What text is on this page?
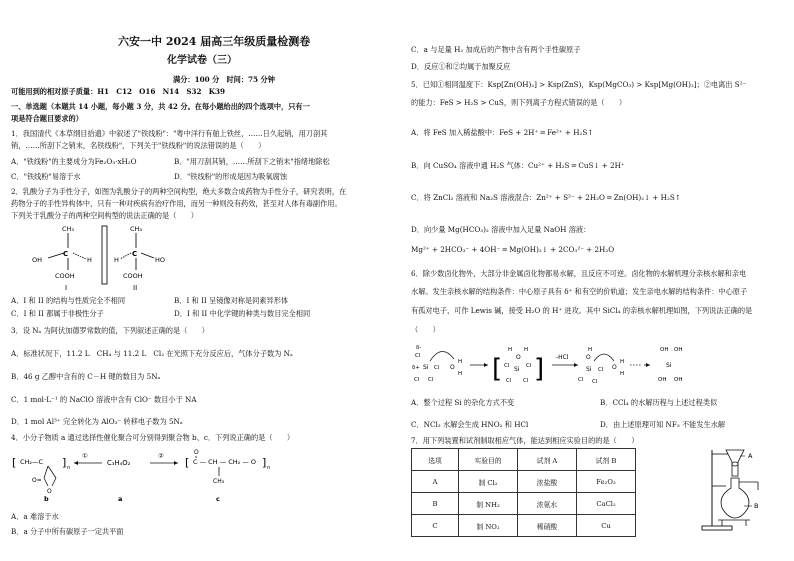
六安一中 2024 届高三年级质量检测卷
化学试卷（三）
满分：100 分　时间：75 分钟
可能用到的相对原子质量：H1　C12　O16　N14　S32　K39
一、单选题（本题共 14 小题，每小题 3 分，共 42 分。在每小题给出的四个选项中，只有一
项是符合题目要求的）
1．我国清代《本草纲目拾遗》中叙述了"铁线粉"："粤中洋行有舶上铁丝，……日久起销，用刀剖其
销，……所刮下之销末，名铁线粉"，下列关于"铁线粉"的说法错误的是（　　）
A．"铁线粉"的主要成分为Fe₂O₃·xH₂O	B．"用刀刮其销，……所刮下之销末"指绪地除松
C．"铁线粉"易溶于水	D．"铁线粉"的形成是因为吸氧腐蚀
2．乳酸分子为手性分子，如图为乳酸分子的两种空间构型，绝大多数合成药物为手性分子，研究表明，在
药物分子的手性异构体中，只有一种对疾病有治疗作用，而另一种则没有药效，甚至对人体有毒副作用。
下列关于乳酸分子的两种空间构型的说法正确的是（　　）
CH₃
C
OH	H
COOH
I
CH₃
C
H	HO
COOH
II
A．I 和 II 的结构与性质完全不相同	B．I 和 II 呈镜像对称是同素异形体
C．I 和 II 都属于非极性分子	D．I 和 II 中化学键的种类与数目完全相同
3．设 Nₐ 为阿伏加德罗常数的值，下列叙述正确的是（　　）
A．标准状况下，11.2 L　CH₄ 与 11.2 L　Cl₂ 在光照下充分反应后，气体分子数为 Nₐ
B．46 g 乙醇中含有的 C－H 键的数目为 5Nₐ
C．1 mol·L⁻¹ 的 NaClO 溶液中含有 ClO⁻ 数目小于 NA
D．1 mol Al³⁺ 完全转化为 AlO₂⁻ 转移电子数为 5Nₐ
4．小分子物质 a 通过选择性催化聚合可分别得到聚合物 b、c．下列说正确的是（　　）
[ CH₂—C ] n
O=
O
b
①
C₃H₄O₂
a
② [ C — CH — CH₂ — O ] n
O
CH₃
c
A．a 难溶于水
B．a 分子中所有碳原子一定共平面
C．a 与足量 H₂ 加成后的产物中含有两个手性碳原子
D．反应①和②均属于加聚反应
5．已知①相同温度下：Ksp[Zn(OH)₂] > Ksp(ZnS)，Ksp(MgCO₃) > Ksp[Mg(OH)₂]；②电离出 S²⁻
的能力：FeS > H₂S > CuS，则下列离子方程式错误的是（　　）
A．将 FeS 加入稀盐酸中：FeS + 2H⁺ ═ Fe²⁺ + H₂S↑
B．向 CuSO₄ 溶液中通 H₂S 气体：Cu²⁺ + H₂S ═ CuS↓ + 2H⁺
C．将 ZnCl₂ 溶液和 Na₂S 溶液混合：Zn²⁺ + S²⁻ + 2H₂O ═ Zn(OH)₂↓ + H₂S↑
D．向少量 Mg(HCO₃)₂ 溶液中加入足量 NaOH 溶液：
Mg²⁺ + 2HCO₃⁻ + 4OH⁻ ═ Mg(OH)₂↓ + 2CO₃²⁻ + 2H₂O
6．除少数卤化物外，大部分非金属卤化物都易水解，且反应不可逆。卤化物的水解机理分亲核水解和亲电
水解。发生亲核水解的结构条件：中心原子具有 δ⁺ 和有空的价轨道；发生亲电水解的结构条件：中心原子
有孤对电子，可作 Lewis 碱，接受 H₂O 的 H⁺ 进攻。其中 SiCl₄ 的亲核水解机理如图，下列说法正确的是
（　　）
δ-
Cl
δ+ Si Cl
Cl Cl
O
H
H [
H
O
H
Si
Cl	Cl
Cl Cl ] -HCl
H
O
Si Cl
Cl Cl
O
H
H
OH OH
Si
OH OH
A．整个过程 Si 的杂化方式不变	B．CCl₄ 的水解历程与上述过程类似
C．NCl₃ 水解会生成 HNO₂ 和 HCl	D．由上述原理可知 NF₃ 不能发生水解
7．用下列装置和试剂制取相应气体，能达到相应实验目的的是（　　）
选项	实验目的	试剂 A	试剂 B
A	制 Cl₂	浓盐酸	Fe₂O₃
B	制 NH₃	浓氨水	CaCl₂
C	制 NO₂	稀硝酸	Cu
A
B
